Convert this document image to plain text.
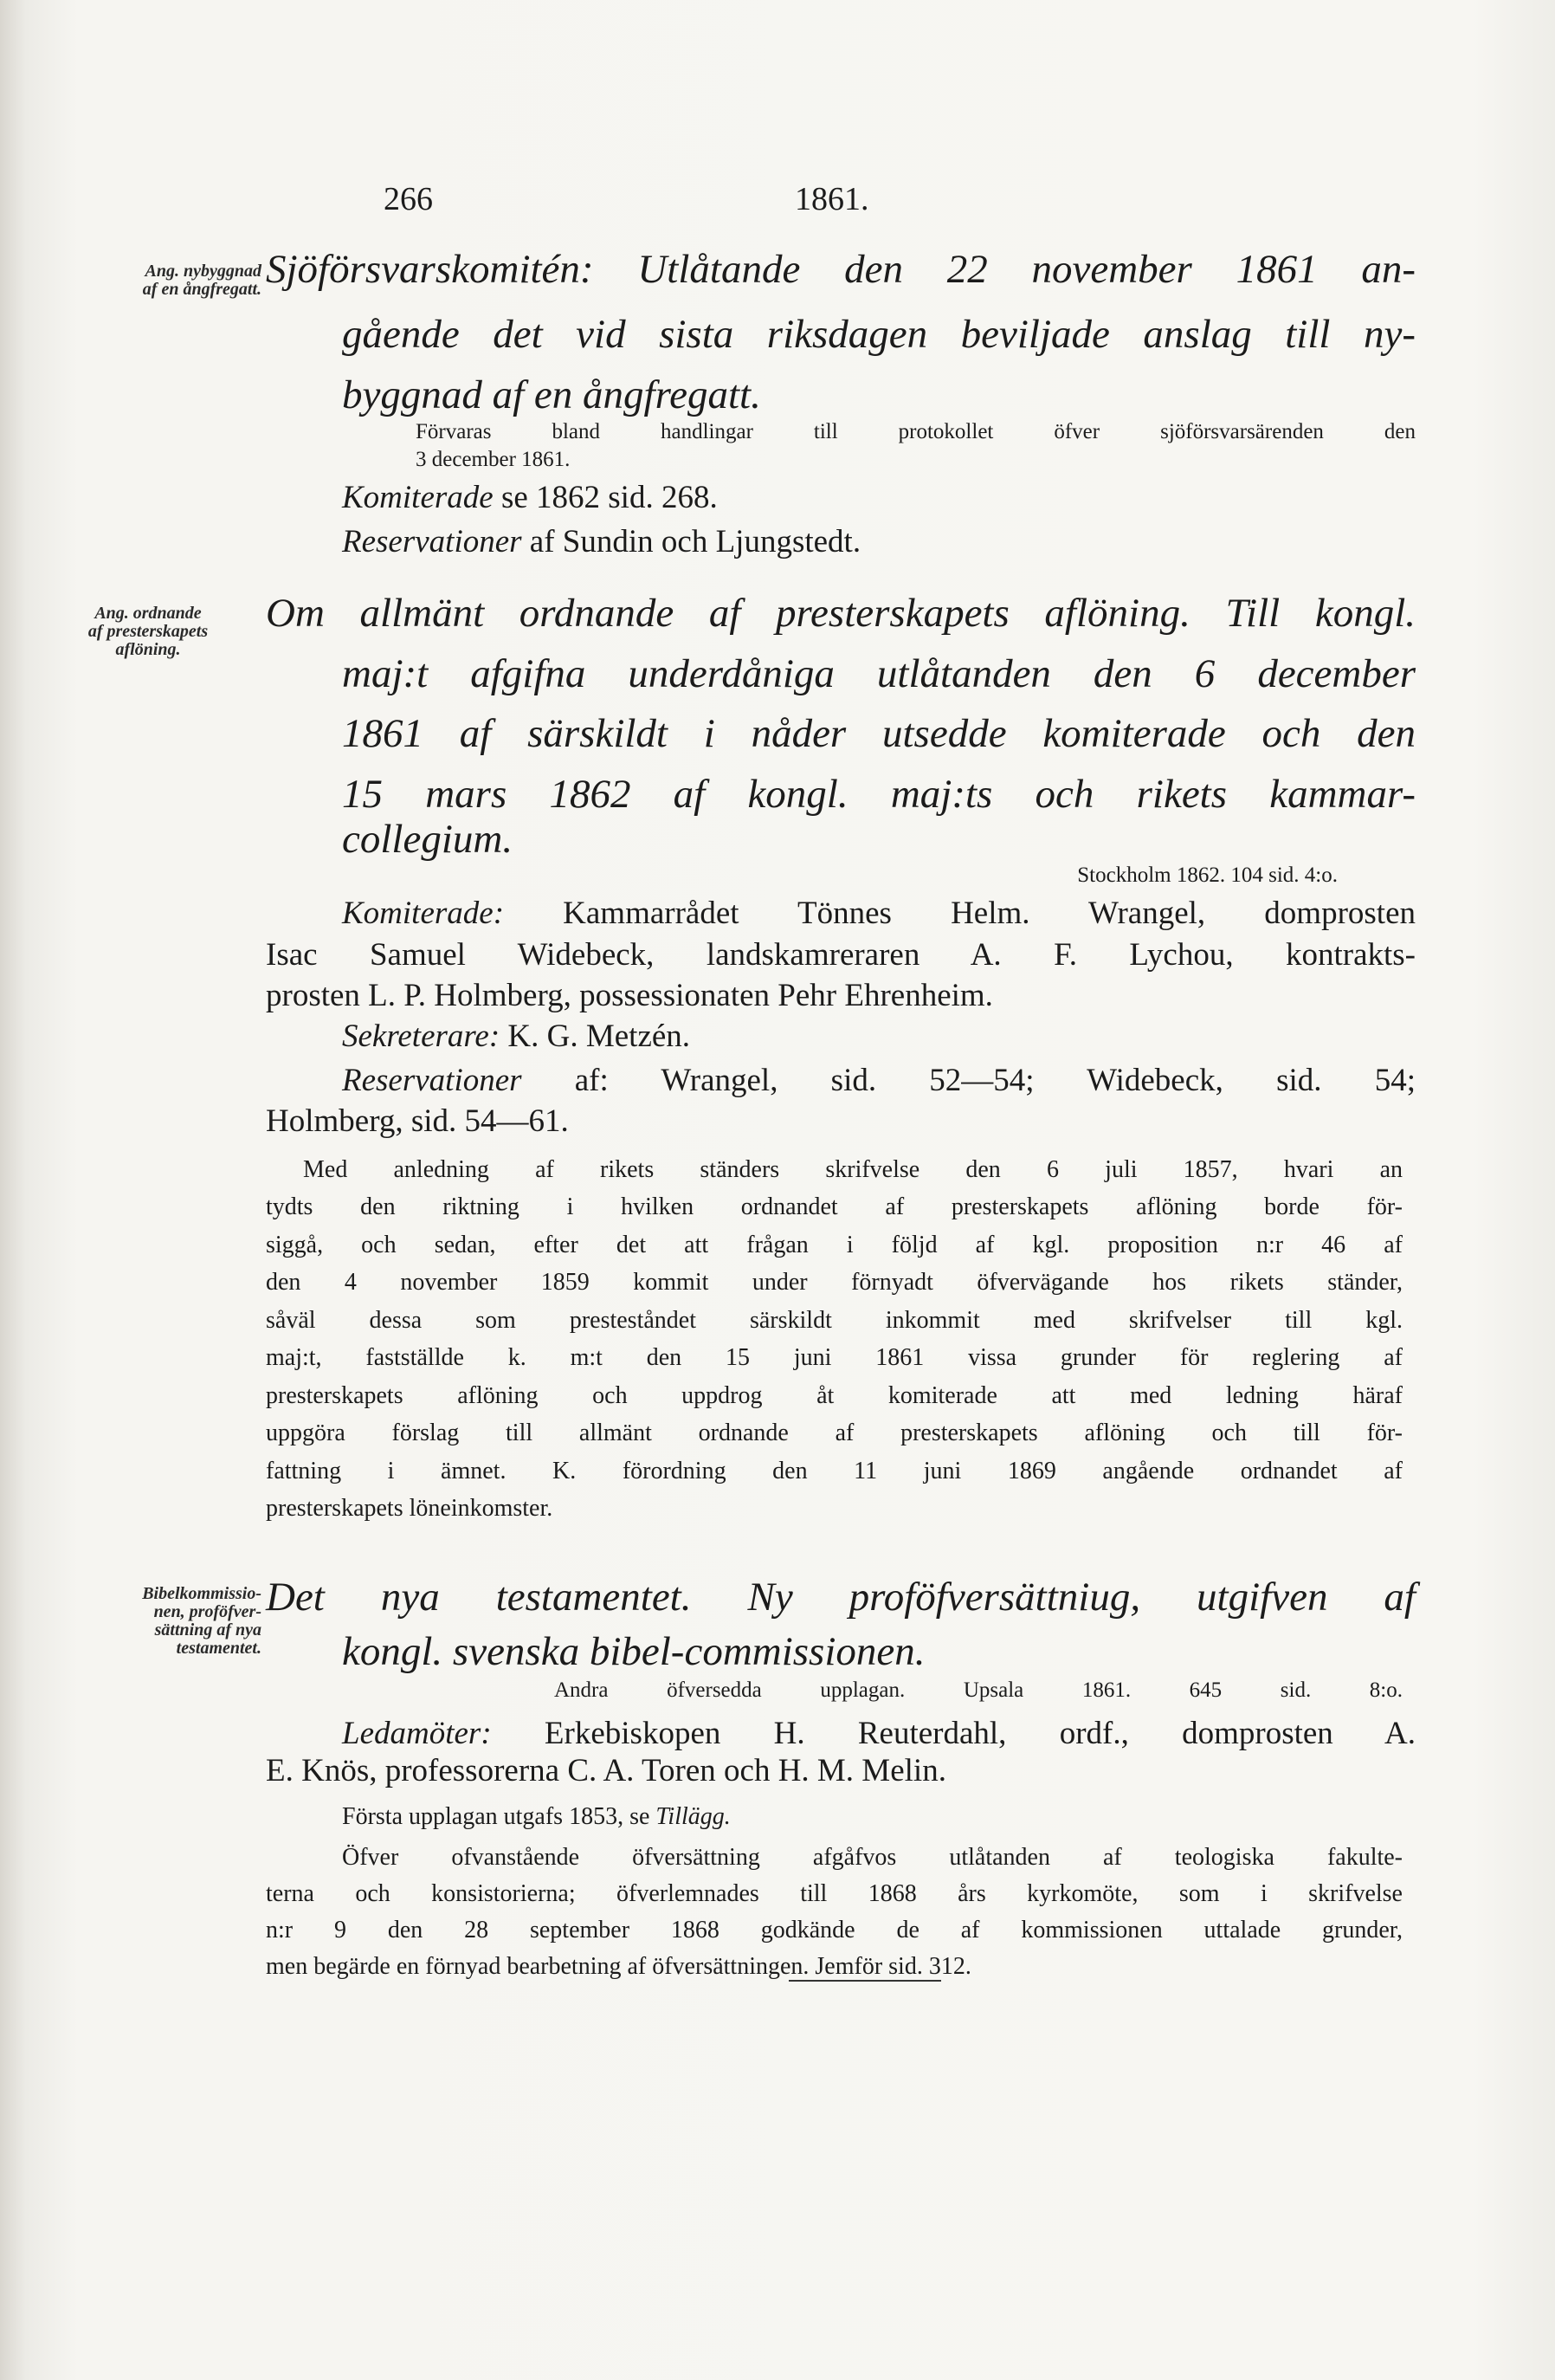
266	1861.
Ang. nybyggnad
af en ångfregatt.
Ang. ordnande
af presterskapets
aflöning.
Bibelkommissio-
nen, proföfver-
sättning af nya
testamentet.
Sjöförsvarskomitén: Utlåtande den 22 november 1861 an-
gående det vid sista riksdagen beviljade anslag till ny-
byggnad af en ångfregatt.
Förvaras bland handlingar till protokollet öfver sjöförsvarsärenden den
3 december 1861.
Komiterade se 1862 sid. 268.
Reservationer af Sundin och Ljungstedt.
Om allmänt ordnande af presterskapets aflöning. Till kongl.
maj:t afgifna underdåniga utlåtanden den 6 december
1861 af särskildt i nåder utsedde komiterade och den
15 mars 1862 af kongl. maj:ts och rikets kammar-
collegium.
Stockholm 1862. 104 sid. 4:o.
Komiterade: Kammarrådet Tönnes Helm. Wrangel, domprosten
Isac Samuel Widebeck, landskamreraren A. F. Lychou, kontrakts-
prosten L. P. Holmberg, possessionaten Pehr Ehrenheim.
Sekreterare: K. G. Metzén.
Reservationer af: Wrangel, sid. 52—54; Widebeck, sid. 54;
Holmberg, sid. 54—61.
Med anledning af rikets ständers skrifvelse den 6 juli 1857, hvari an
tydts den riktning i hvilken ordnandet af presterskapets aflöning borde för-
siggå, och sedan, efter det att frågan i följd af kgl. proposition n:r 46 af
den 4 november 1859 kommit under förnyadt öfvervägande hos rikets ständer,
såväl dessa som presteståndet särskildt inkommit med skrifvelser till kgl.
maj:t, fastställde k. m:t den 15 juni 1861 vissa grunder för reglering af
presterskapets aflöning och uppdrog åt komiterade att med ledning häraf
uppgöra förslag till allmänt ordnande af presterskapets aflöning och till för-
fattning i ämnet. K. förordning den 11 juni 1869 angående ordnandet af
presterskapets löneinkomster.
Det nya testamentet. Ny proföfversättniug, utgifven af
kongl. svenska bibel-commissionen.
Andra öfversedda upplagan. Upsala 1861. 645 sid. 8:o.
Ledamöter: Erkebiskopen H. Reuterdahl, ordf., domprosten A.
E. Knös, professorerna C. A. Toren och H. M. Melin.
Första upplagan utgafs 1853, se Tillägg.
Öfver ofvanstående öfversättning afgåfvos utlåtanden af teologiska fakulte-
terna och konsistorierna; öfverlemnades till 1868 års kyrkomöte, som i skrifvelse
n:r 9 den 28 september 1868 godkände de af kommissionen uttalade grunder,
men begärde en förnyad bearbetning af öfversättningen. Jemför sid. 312.
